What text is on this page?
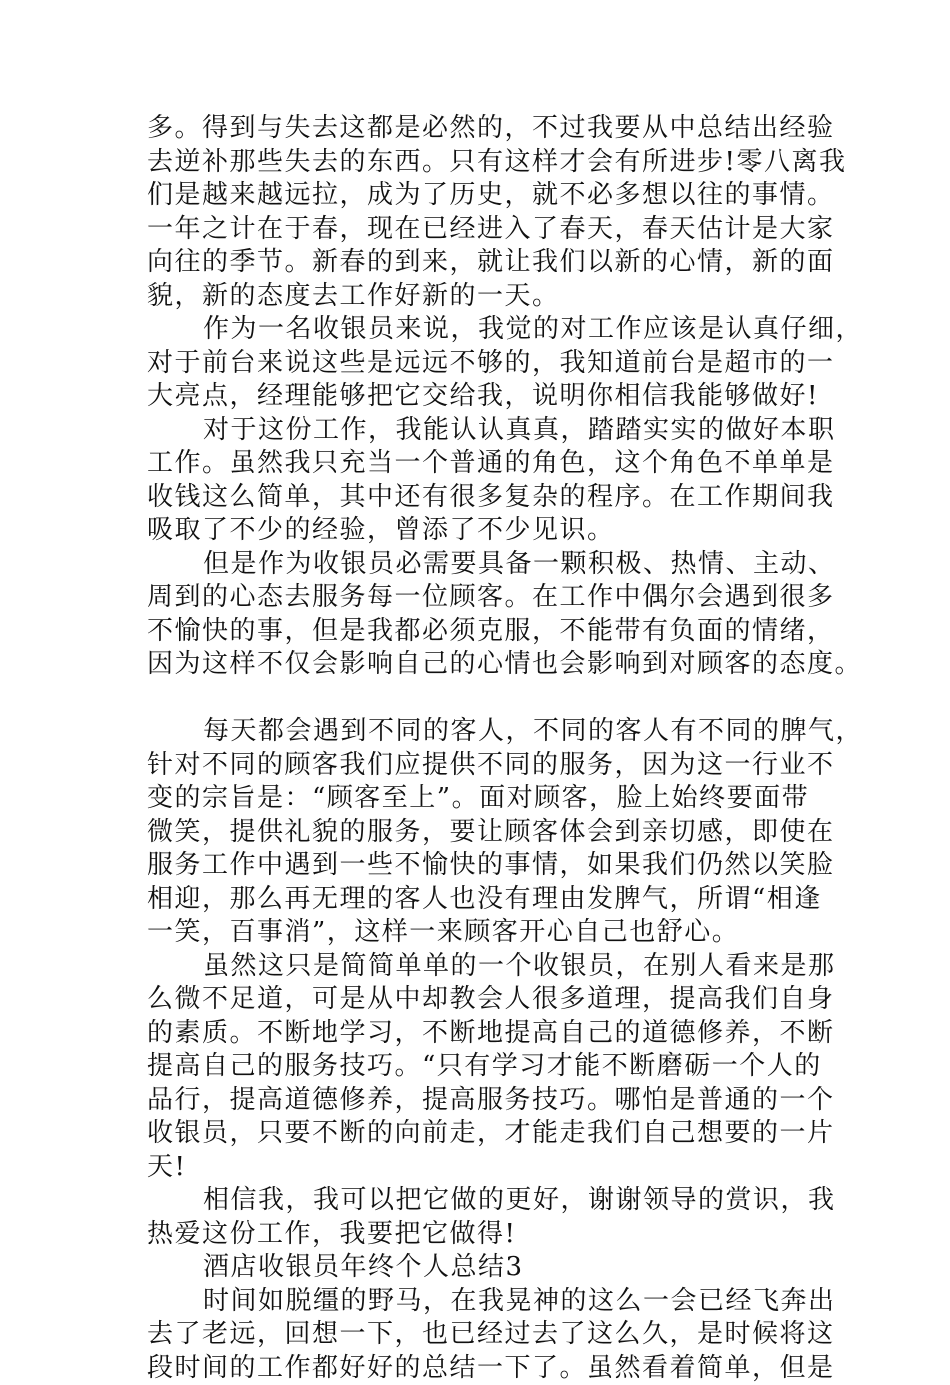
多。得到与失去这都是必然的，不过我要从中总结出经验
去逆补那些失去的东西。只有这样才会有所进步!零八离我
们是越来越远拉，成为了历史，就不必多想以往的事情。
一年之计在于春，现在已经进入了春天，春天估计是大家
向往的季节。新春的到来，就让我们以新的心情，新的面
貌，新的态度去工作好新的一天。
作为一名收银员来说，我觉的对工作应该是认真仔细，
对于前台来说这些是远远不够的，我知道前台是超市的一
大亮点，经理能够把它交给我，说明你相信我能够做好!
对于这份工作，我能认认真真，踏踏实实的做好本职
工作。虽然我只充当一个普通的角色，这个角色不单单是
收钱这么简单，其中还有很多复杂的程序。在工作期间我
吸取了不少的经验，曾添了不少见识。
但是作为收银员必需要具备一颗积极、热情、主动、
周到的心态去服务每一位顾客。在工作中偶尔会遇到很多
不愉快的事，但是我都必须克服，不能带有负面的情绪，
因为这样不仅会影响自己的心情也会影响到对顾客的态度。
每天都会遇到不同的客人，不同的客人有不同的脾气，
针对不同的顾客我们应提供不同的服务，因为这一行业不
变的宗旨是：“顾客至上”。面对顾客，脸上始终要面带
微笑，提供礼貌的服务，要让顾客体会到亲切感，即使在
服务工作中遇到一些不愉快的事情，如果我们仍然以笑脸
相迎，那么再无理的客人也没有理由发脾气，所谓“相逢
一笑，百事消”，这样一来顾客开心自己也舒心。
虽然这只是简简单单的一个收银员，在别人看来是那
么微不足道，可是从中却教会人很多道理，提高我们自身
的素质。不断地学习，不断地提高自己的道德修养，不断
提高自己的服务技巧。“只有学习才能不断磨砺一个人的
品行，提高道德修养，提高服务技巧。哪怕是普通的一个
收银员，只要不断的向前走，才能走我们自己想要的一片
天!
相信我，我可以把它做的更好，谢谢领导的赏识，我
热爱这份工作，我要把它做得!
酒店收银员年终个人总结3
时间如脱缰的野马，在我晃神的这么一会已经飞奔出
去了老远，回想一下，也已经过去了这么久，是时候将这
段时间的工作都好好的总结一下了。虽然看着简单，但是
